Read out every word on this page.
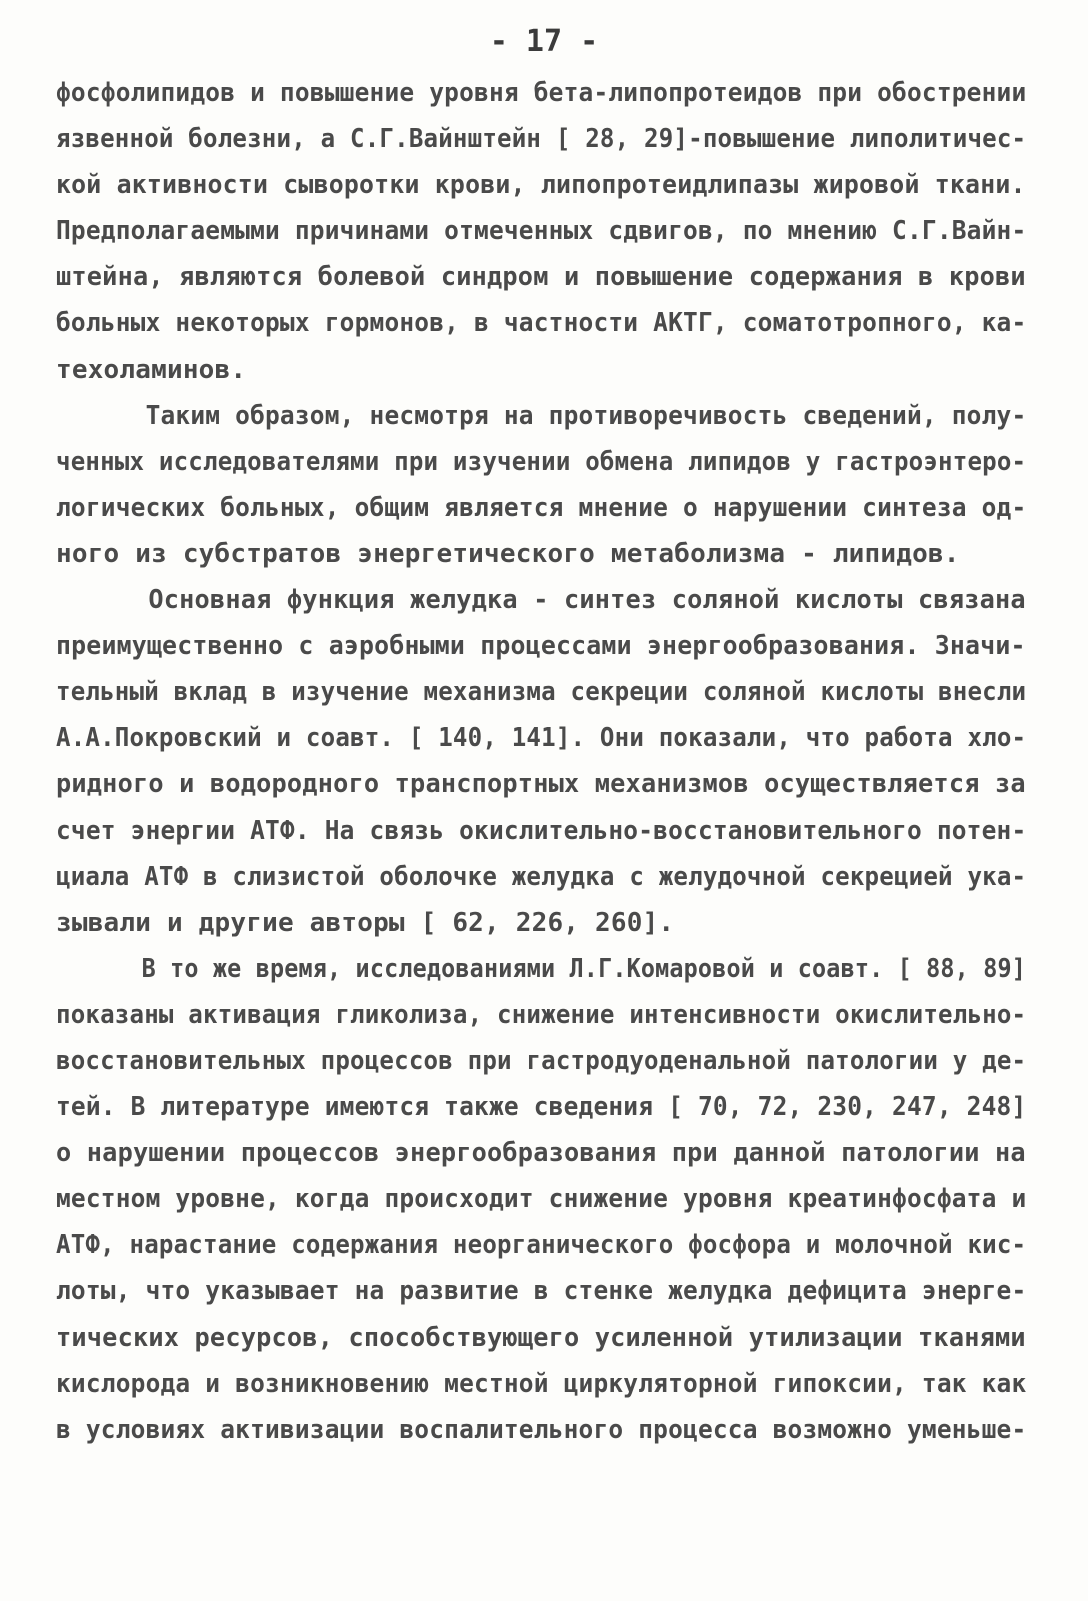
- 17 -
фосфолипидов и повышение уровня бета-липопротеидов при обострении
язвенной болезни, а С.Г.Вайнштейн [ 28, 29]-повышение липолитичес-
кой активности сыворотки крови, липопротеидлипазы жировой ткани.
Предполагаемыми причинами отмеченных сдвигов, по мнению С.Г.Вайн-
штейна, являются болевой синдром и повышение содержания в крови
больных некоторых гормонов, в частности АКТГ, соматотропного, ка-
техоламинов.
Таким образом, несмотря на противоречивость сведений, полу-
ченных исследователями при изучении обмена липидов у гастроэнтеро-
логических больных, общим является мнение о нарушении синтеза од-
ного из субстратов энергетического метаболизма - липидов.
Основная функция желудка - синтез соляной кислоты связана
преимущественно с аэробными процессами энергообразования. Значи-
тельный вклад в изучение механизма секреции соляной кислоты внесли
А.А.Покровский и соавт. [ 140, 141]. Они показали, что работа хло-
ридного и водородного транспортных механизмов осуществляется за
счет энергии АТФ. На связь окислительно-восстановительного потен-
циала АТФ в слизистой оболочке желудка с желудочной секрецией ука-
зывали и другие авторы [ 62, 226, 260].
В то же время, исследованиями Л.Г.Комаровой и соавт. [ 88, 89]
показаны активация гликолиза, снижение интенсивности окислительно-
восстановительных процессов при гастродуоденальной патологии у де-
тей. В литературе имеются также сведения [ 70, 72, 230, 247, 248]
о нарушении процессов энергообразования при данной патологии на
местном уровне, когда происходит снижение уровня креатинфосфата и
АТФ, нарастание содержания неорганического фосфора и молочной кис-
лоты, что указывает на развитие в стенке желудка дефицита энерге-
тических ресурсов, способствующего усиленной утилизации тканями
кислорода и возникновению местной циркуляторной гипоксии, так как
в условиях активизации воспалительного процесса возможно уменьше-
